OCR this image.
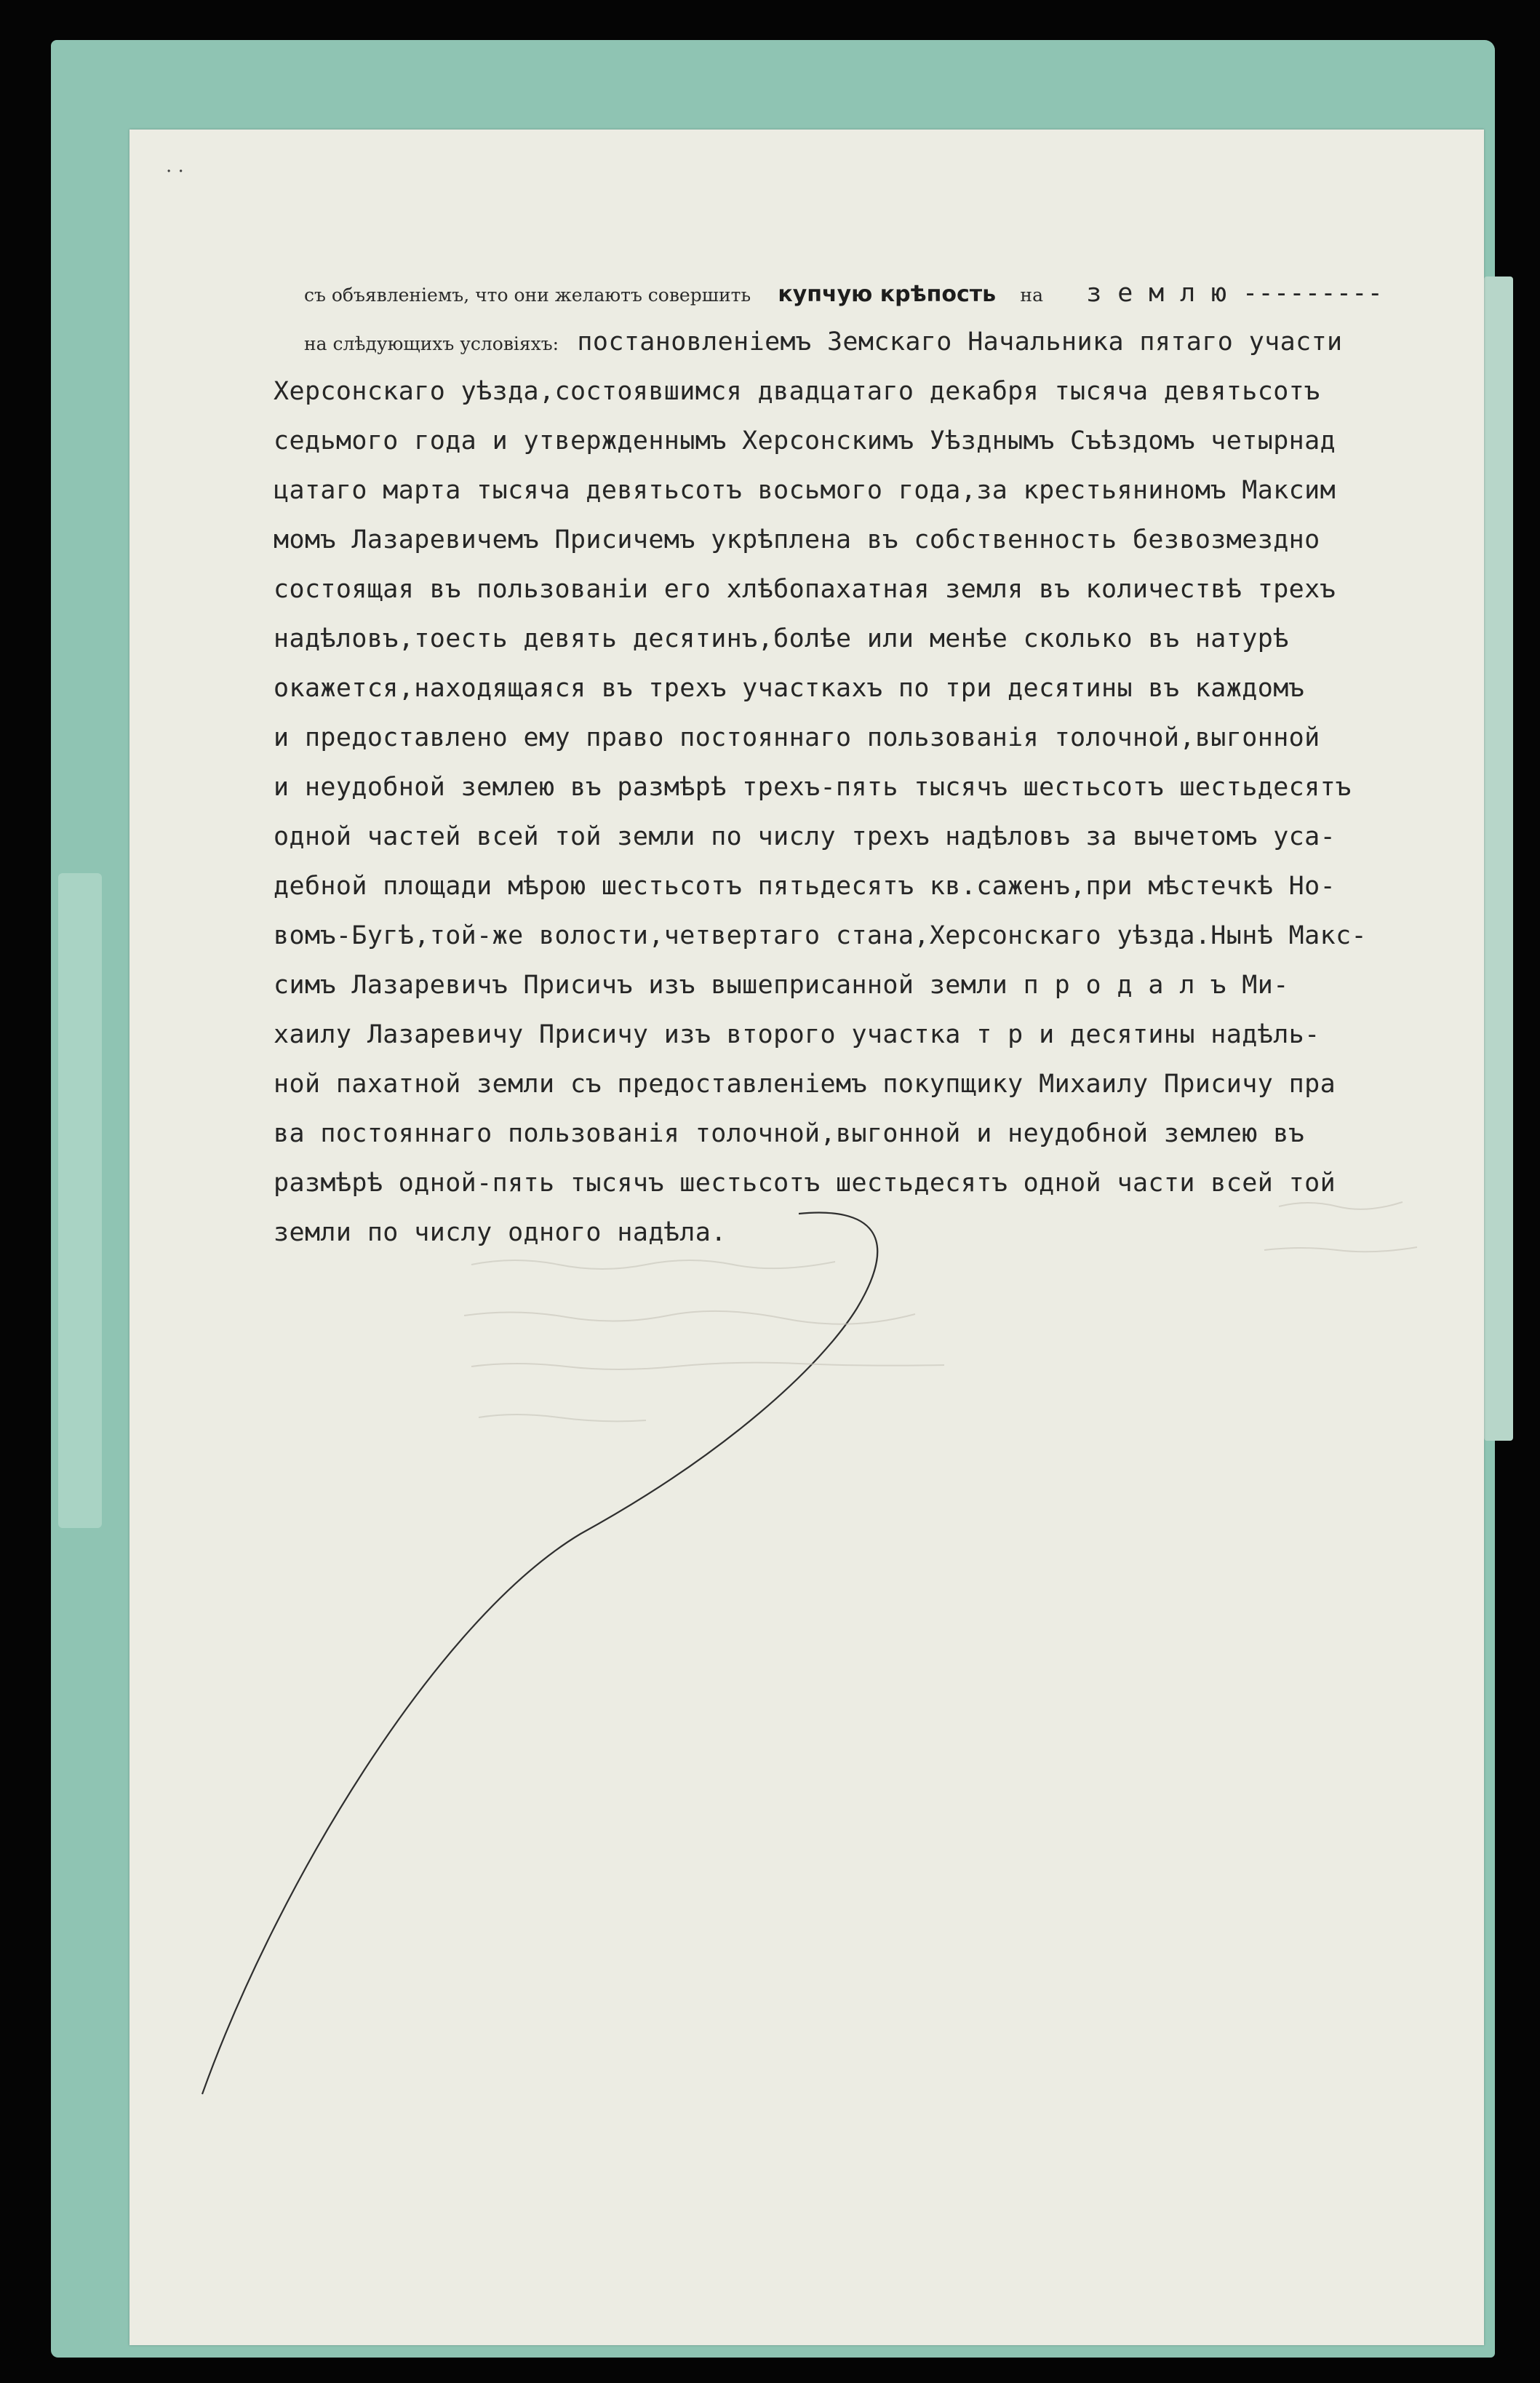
. .
съ объявленіемъ, что они желаютъ совершить купчую крѣпость на з е м л ю ---------
на слѣдующихъ условіяхъ: постановленіемъ Земскаго Начальника пятаго участи
Херсонскаго уѣзда,состоявшимся двадцатаго декабря тысяча девятьсотъ
седьмого года и утвержденнымъ Херсонскимъ Уѣзднымъ Съѣздомъ четырнад
цатаго марта тысяча девятьсотъ восьмого года,за крестьяниномъ Максим
момъ Лазаревичемъ Присичемъ укрѣплена въ собственность безвозмездно
состоящая въ пользованіи его хлѣбопахатная земля въ количествѣ трехъ
надѣловъ,тоесть девять десятинъ,болѣе или менѣе сколько въ натурѣ
окажется,находящаяся въ трехъ участкахъ по три десятины въ каждомъ
и предоставлено ему право постояннаго пользованія толочной,выгонной
и неудобной землею въ размѣрѣ трехъ-пять тысячъ шестьсотъ шестьдесятъ
одной частей всей той земли по числу трехъ надѣловъ за вычетомъ уса-
дебной площади мѣрою шестьсотъ пятьдесятъ кв.саженъ,при мѣстечкѣ Но-
вомъ-Бугѣ,той-же волости,четвертаго стана,Херсонскаго уѣзда.Нынѣ Макс-
симъ Лазаревичъ Присичъ изъ вышеприсанной земли п р о д а л ъ Ми-
хаилу Лазаревичу Присичу изъ второго участка т р и десятины надѣль-
ной пахатной земли съ предоставленіемъ покупщику Михаилу Присичу пра
ва постояннаго пользованія толочной,выгонной и неудобной землею въ
размѣрѣ одной-пять тысячъ шестьсотъ шестьдесятъ одной части всей той
земли по числу одного надѣла.
